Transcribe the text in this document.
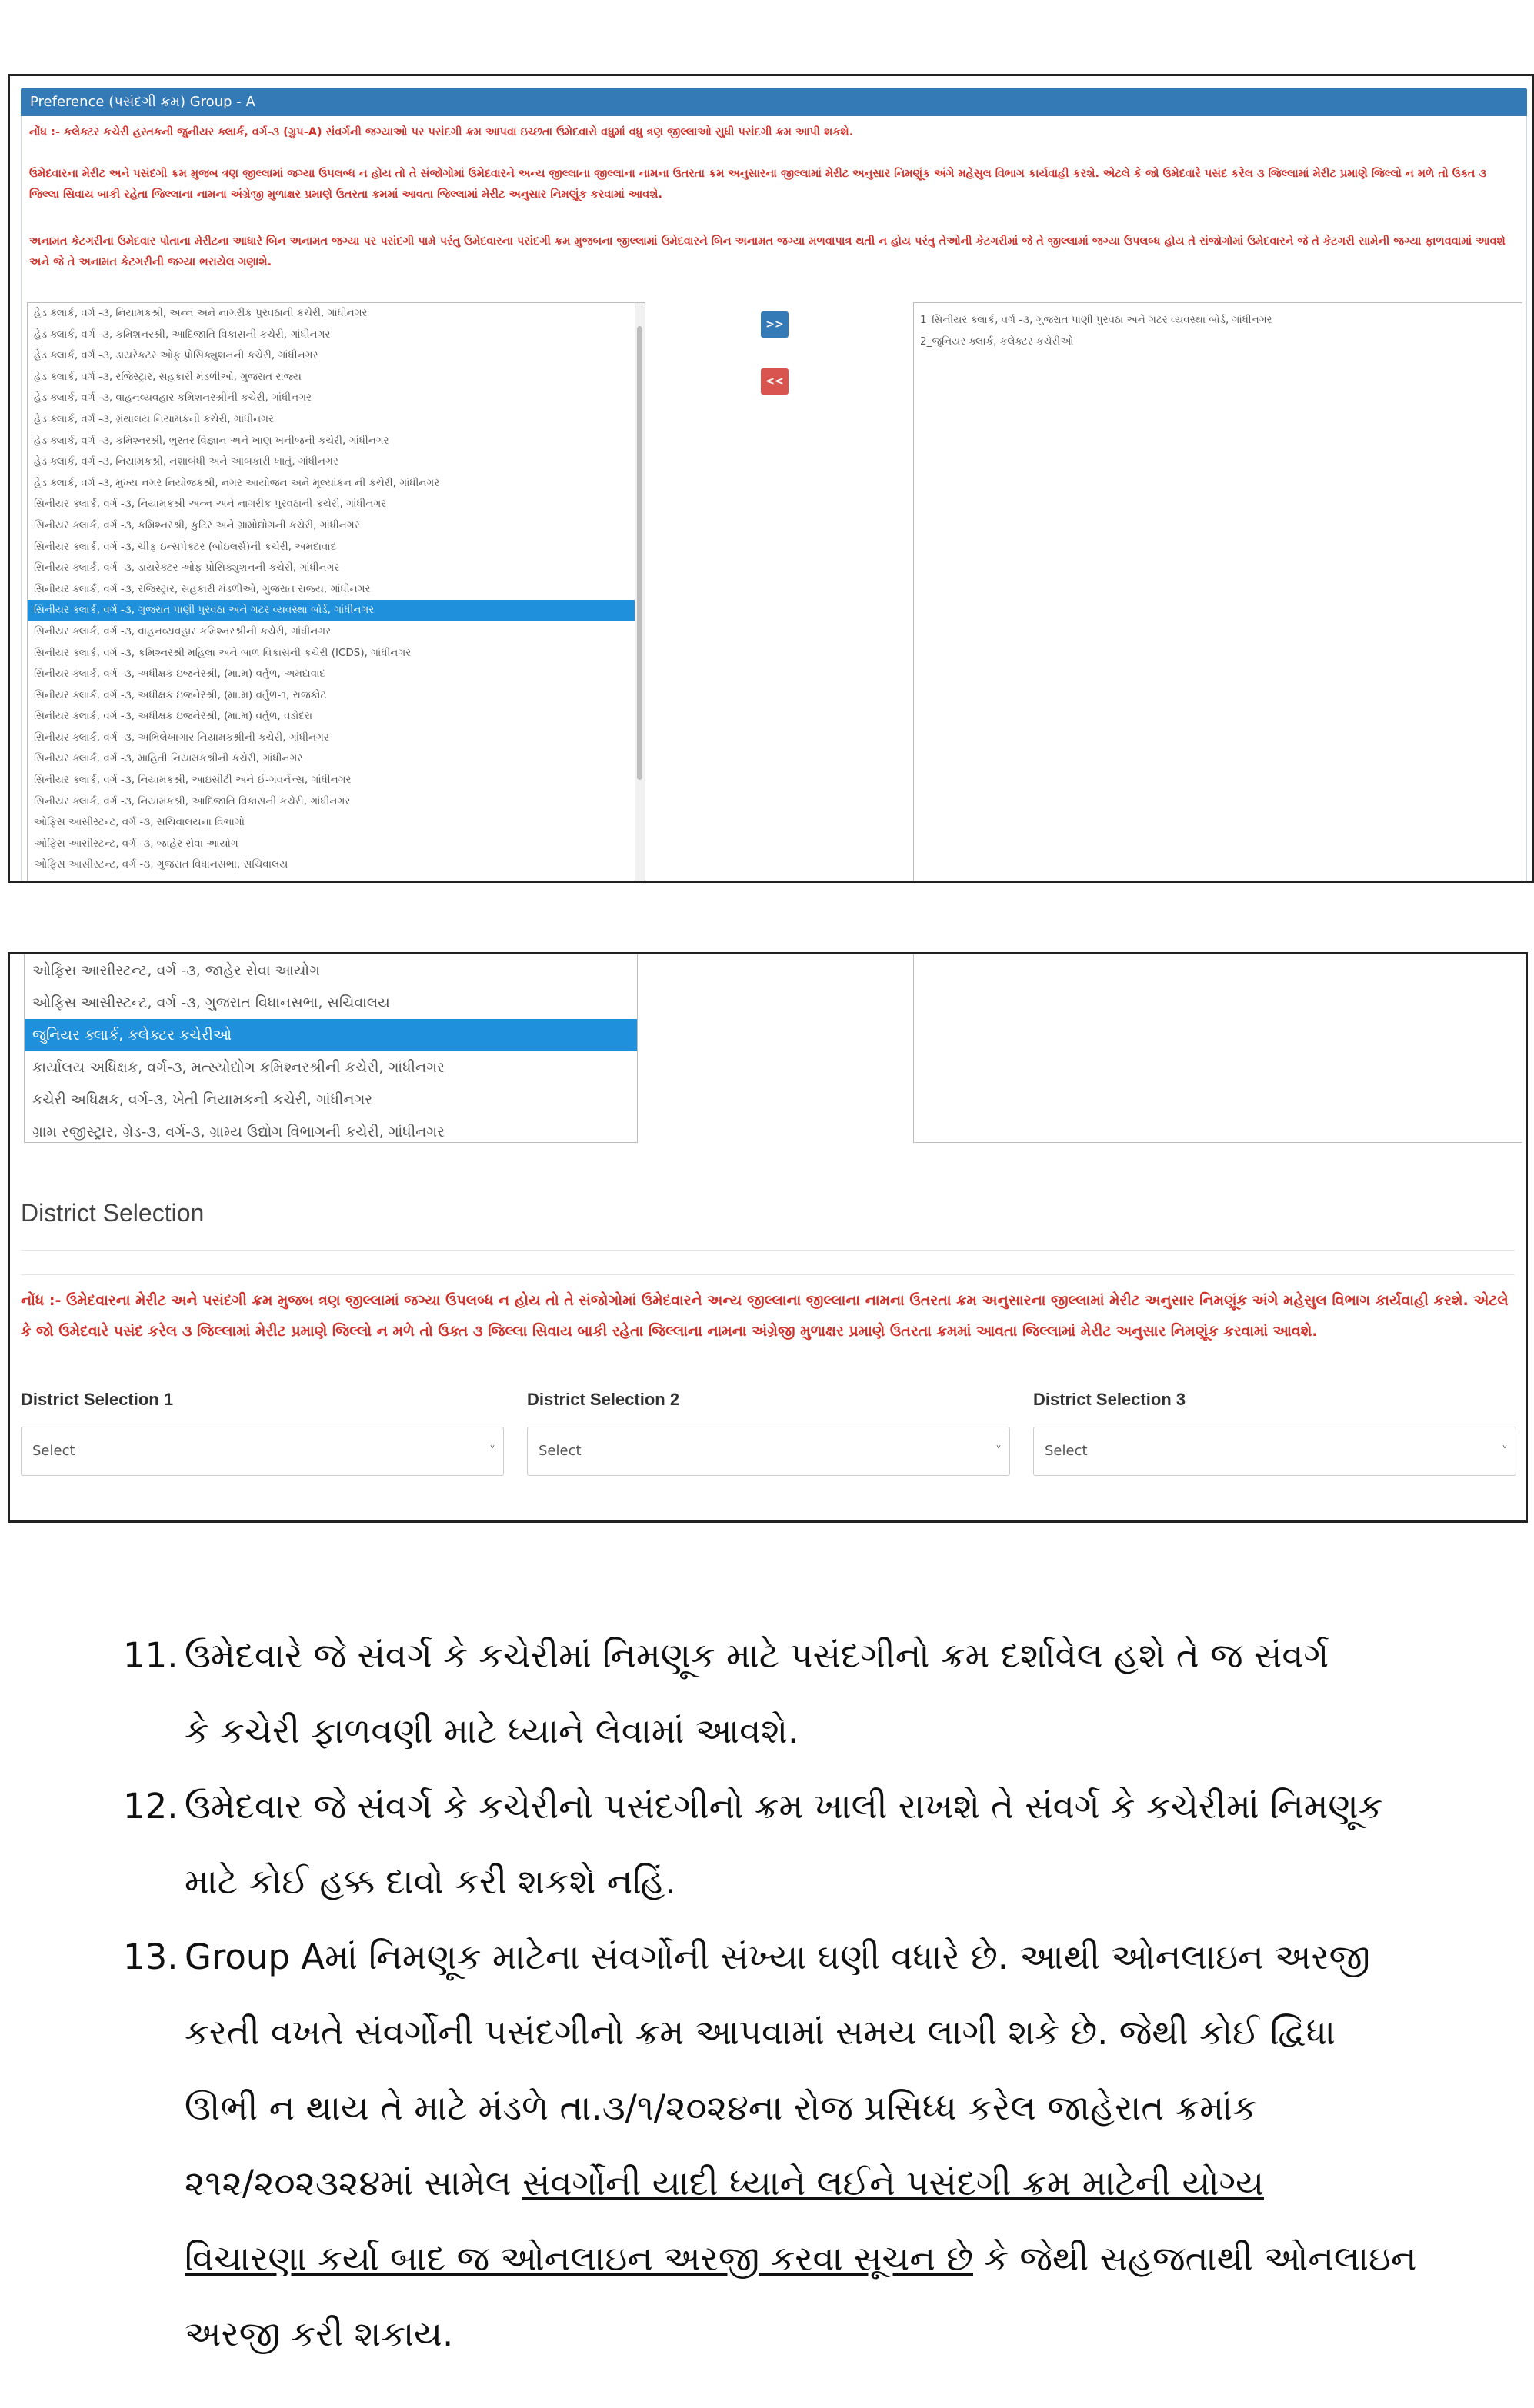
Preference (પસંદગી ક્રમ) Group - A
નોંધ :- કલેક્ટર કચેરી હસ્તકની જુનીયર ક્લાર્ક, વર્ગ-૩ (ગ્રુપ-A) સંવર્ગની જગ્યાઓ પર પસંદગી ક્રમ આપવા ઇચ્છતા ઉમેદવારો વધુમાં વધુ ત્રણ જીલ્લાઓ સુધી પસંદગી ક્રમ આપી શકશે.
ઉમેદવારના મેરીટ અને પસંદગી ક્રમ મુજબ ત્રણ જીલ્લામાં જગ્યા ઉપલબ્ધ ન હોય તો તે સંજોગોમાં ઉમેદવારને અન્ય જીલ્લાના જીલ્લાના નામના ઉતરતા ક્રમ અનુસારના જીલ્લામાં મેરીટ અનુસાર નિમણૂંક અંગે મહેસુલ વિભાગ કાર્યવાહી કરશે. એટલે કે જો ઉમેદવારે પસંદ કરેલ ૩ જિલ્લામાં મેરીટ પ્રમાણે જિલ્લો ન મળે તો ઉક્ત ૩ જિલ્લા સિવાય બાકી રહેતા જિલ્લાના નામના અંગ્રેજી મુળાક્ષર પ્રમાણે ઉતરતા ક્રમમાં આવતા જિલ્લામાં મેરીટ અનુસાર નિમણૂંક કરવામાં આવશે.
અનામત કેટગરીના ઉમેદવાર પોતાના મેરીટના આધારે બિન અનામત જગ્યા પર પસંદગી પામે પરંતુ ઉમેદવારના પસંદગી ક્રમ મુજબના જીલ્લામાં ઉમેદવારને બિન અનામત જગ્યા મળવાપાત્ર થતી ન હોય પરંતુ તેઓની કેટગરીમાં જે તે જીલ્લામાં જગ્યા ઉપલબ્ધ હોય તે સંજોગોમાં ઉમેદવારને જે તે કેટગરી સામેની જગ્યા ફાળવવામાં આવશે અને જે તે અનામત કેટગરીની જગ્યા ભરાયેલ ગણાશે.
હેડ ક્લાર્ક, વર્ગ -૩, નિયામકશ્રી, અન્ન અને નાગરીક પુરવઠાની કચેરી, ગાંધીનગર
હેડ ક્લાર્ક, વર્ગ -૩, કમિશનરશ્રી, આદિજાતિ વિકાસની કચેરી, ગાંધીનગર
હેડ ક્લાર્ક, વર્ગ -૩, ડાયરેકટર ઓફ પ્રોસિક્યુશનની કચેરી, ગાંધીનગર
હેડ ક્લાર્ક, વર્ગ -૩, રજિસ્ટ્રાર, સહકારી મંડળીઓ, ગુજરાત રાજ્ય
હેડ ક્લાર્ક, વર્ગ -૩, વાહનવ્યવહાર કમિશનરશ્રીની કચેરી, ગાંધીનગર
હેડ ક્લાર્ક, વર્ગ -૩, ગ્રંથાલય નિયામકની કચેરી, ગાંધીનગર
હેડ ક્લાર્ક, વર્ગ -૩, કમિશ્નરશ્રી, ભુસ્તર વિજ્ઞાન અને ખાણ ખનીજની કચેરી, ગાંધીનગર
હેડ ક્લાર્ક, વર્ગ -૩, નિયામકશ્રી, નશાબંધી અને આબકારી ખાતું, ગાંધીનગર
હેડ ક્લાર્ક, વર્ગ -૩, મુખ્ય નગર નિયોજકશ્રી, નગર આયોજન અને મૂલ્યાંકન ની કચેરી, ગાંધીનગર
સિનીયર ક્લાર્ક, વર્ગ -૩, નિયામકશ્રી અન્ન અને નાગરીક પુરવઠાની કચેરી, ગાંધીનગર
સિનીયર ક્લાર્ક, વર્ગ -૩, કમિશ્નરશ્રી, કુટિર અને ગ્રામોદ્યોગની કચેરી, ગાંધીનગર
સિનીયર ક્લાર્ક, વર્ગ -૩, ચીફ ઇન્સપેક્ટર (બોઇલર્સ)ની કચેરી, અમદાવાદ
સિનીયર ક્લાર્ક, વર્ગ -૩, ડાયરેક્ટર ઓફ પ્રોસિક્યુશનની કચેરી, ગાંધીનગર
સિનીયર ક્લાર્ક, વર્ગ -૩, રજિસ્ટ્રાર, સહકારી મંડળીઓ, ગુજરાત રાજ્ય, ગાંધીનગર
સિનીયર ક્લાર્ક, વર્ગ -૩, ગુજરાત પાણી પુરવઠા અને ગટર વ્યવસ્થા બોર્ડ, ગાંધીનગર
સિનીયર ક્લાર્ક, વર્ગ -૩, વાહનવ્યવહાર કમિશ્નરશ્રીની કચેરી, ગાંધીનગર
સિનીયર ક્લાર્ક, વર્ગ -૩, કમિશ્નરશ્રી મહિલા અને બાળ વિકાસની કચેરી (ICDS), ગાંધીનગર
સિનીયર ક્લાર્ક, વર્ગ -૩, અધીક્ષક ઇજનેરશ્રી, (મા.મ) વર્તુળ, અમદાવાદ
સિનીયર ક્લાર્ક, વર્ગ -૩, અધીક્ષક ઇજનેરશ્રી, (મા.મ) વર્તુળ-૧, રાજકોટ
સિનીયર ક્લાર્ક, વર્ગ -૩, અધીક્ષક ઇજનેરશ્રી, (મા.મ) વર્તુળ, વડોદરા
સિનીયર ક્લાર્ક, વર્ગ -૩, અભિલેખાગાર નિયામકશ્રીની કચેરી, ગાંધીનગર
સિનીયર ક્લાર્ક, વર્ગ -૩, માહિતી નિયામકશ્રીની કચેરી, ગાંધીનગર
સિનીયર ક્લાર્ક, વર્ગ -૩, નિયામકશ્રી, આઇસીટી અને ઈ-ગવર્નન્સ, ગાંધીનગર
સિનીયર ક્લાર્ક, વર્ગ -૩, નિયામકશ્રી, આદિજાતિ વિકાસની કચેરી, ગાંધીનગર
ઓફિસ આસીસ્ટન્ટ, વર્ગ -૩, સચિવાલયના વિભાગો
ઓફિસ આસીસ્ટન્ટ, વર્ગ -૩, જાહેર સેવા આયોગ
ઓફિસ આસીસ્ટન્ટ, વર્ગ -૩, ગુજરાત વિધાનસભા, સચિવાલય
>>
<<
1_સિનીયર ક્લાર્ક, વર્ગ -૩, ગુજરાત પાણી પુરવઠા અને ગટર વ્યવસ્થા બોર્ડ, ગાંધીનગર
2_જુનિયર ક્લાર્ક, કલેક્ટર કચેરીઓ
ઓફિસ આસીસ્ટન્ટ, વર્ગ -૩, જાહેર સેવા આયોગ
ઓફિસ આસીસ્ટન્ટ, વર્ગ -૩, ગુજરાત વિધાનસભા, સચિવાલય
જુનિયર ક્લાર્ક, કલેક્ટર કચેરીઓ
કાર્યાલય અધિક્ષક, વર્ગ-૩, મત્સ્યોદ્યોગ કમિશ્નરશ્રીની કચેરી, ગાંધીનગર
કચેરી અધિક્ષક, વર્ગ-૩, ખેતી નિયામકની કચેરી, ગાંધીનગર
ગ્રામ રજીસ્ટ્રાર, ગ્રેડ-૩, વર્ગ-૩, ગ્રામ્ય ઉદ્યોગ વિભાગની કચેરી, ગાંધીનગર
District Selection
નોંધ :- ઉમેદવારના મેરીટ અને પસંદગી ક્રમ મુજબ ત્રણ જીલ્લામાં જગ્યા ઉપલબ્ધ ન હોય તો તે સંજોગોમાં ઉમેદવારને અન્ય જીલ્લાના જીલ્લાના નામના ઉતરતા ક્રમ અનુસારના જીલ્લામાં મેરીટ અનુસાર નિમણૂંક અંગે મહેસુલ વિભાગ કાર્યવાહી કરશે. એટલે કે જો ઉમેદવારે પસંદ કરેલ ૩ જિલ્લામાં મેરીટ પ્રમાણે જિલ્લો ન મળે તો ઉક્ત ૩ જિલ્લા સિવાય બાકી રહેતા જિલ્લાના નામના અંગ્રેજી મુળાક્ષર પ્રમાણે ઉતરતા ક્રમમાં આવતા જિલ્લામાં મેરીટ અનુસાર નિમણૂંક કરવામાં આવશે.
District Selection 1	District Selection 2	District Selection 3
Select	˅	Select	˅	Select	˅
11. ઉમેદવારે જે સંવર્ગ કે કચેરીમાં નિમણૂક માટે પસંદગીનો ક્રમ દર્શાવેલ હશે તે જ સંવર્ગ
કે કચેરી ફાળવણી માટે ધ્યાને લેવામાં આવશે.
12. ઉમેદવાર જે સંવર્ગ કે કચેરીનો પસંદગીનો ક્રમ ખાલી રાખશે તે સંવર્ગ કે કચેરીમાં નિમણૂક
માટે કોઈ હક્ક દાવો કરી શકશે નહિં.
13. Group Aમાં નિમણૂક માટેના સંવર્ગોની સંખ્યા ઘણી વધારે છે. આથી ઓનલાઇન અરજી
કરતી વખતે સંવર્ગોની પસંદગીનો ક્રમ આપવામાં સમય લાગી શકે છે. જેથી કોઈ દ્વિધા
ઊભી ન થાય તે માટે મંડળે તા.૩/૧/૨૦૨૪ના રોજ પ્રસિધ્ધ કરેલ જાહેરાત ક્રમાંક
૨૧૨/૨૦૨૩૨૪માં સામેલ સંવર્ગોની યાદી ધ્યાને લઈને પસંદગી ક્રમ માટેની યોગ્ય
વિચારણા કર્યા બાદ જ ઓનલાઇન અરજી કરવા સૂચન છે કે જેથી સહજતાથી ઓનલાઇન
અરજી કરી શકાય.
